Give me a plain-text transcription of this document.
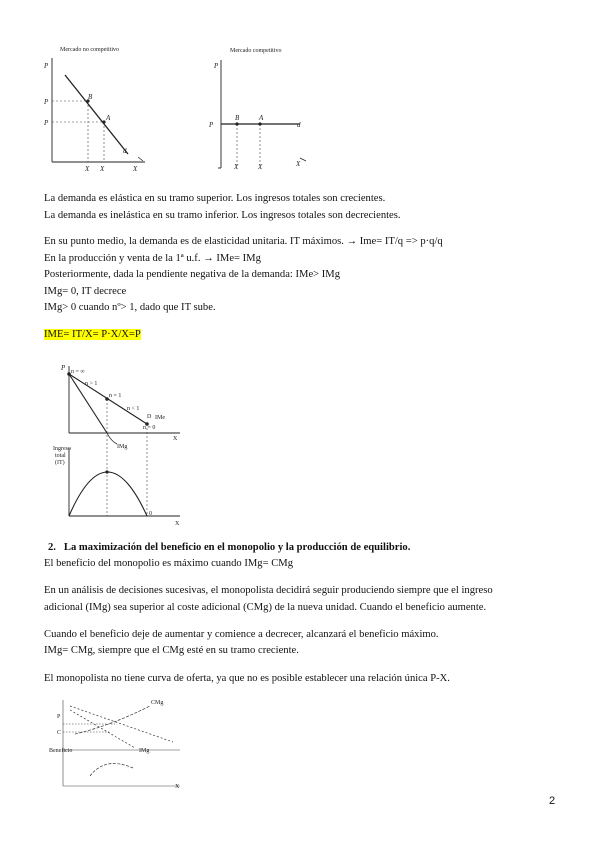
Mercado no competitivo
P
P
P
B
A
d
X X	X
Mercado competitivo
P
P
B	A
d
X	X	X
La demanda es elástica en su tramo superior. Los ingresos totales son crecientes.
La demanda es inelástica en su tramo inferior. Los ingresos totales son decrecientes.
En su punto medio, la demanda es de elasticidad unitaria. IT máximos. → Ime= IT/q => p·q/q
En la producción y venta de la 1ª u.f. → IMe= IMg
Posteriormente, dada la pendiente negativa de la demanda: IMe> IMg
IMg= 0, IT decrece
IMg> 0 cuando nº> 1, dado que IT sube.
IME= IT/X= P·X/X=P
P n = ∞
n > 1
n = 1
n < 1
n = 0
D IMe
IMg
X
Ingreso
total
(IT)
0
X
2. La maximización del beneficio en el monopolio y la producción de equilibrio.
El beneficio del monopolio es máximo cuando IMg= CMg
En un análisis de decisiones sucesivas, el monopolista decidirá seguir produciendo siempre que el ingreso
adicional (IMg) sea superior al coste adicional (CMg) de la nueva unidad. Cuando el beneficio aumente.
Cuando el beneficio deje de aumentar y comience a decrecer, alcanzará el beneficio máximo.
IMg= CMg, siempre que el CMg esté en su tramo creciente.
El monopolista no tiene curva de oferta, ya que no es posible establecer una relación única P-X.
CMg
P
C
IMg
Beneficio
X
2
